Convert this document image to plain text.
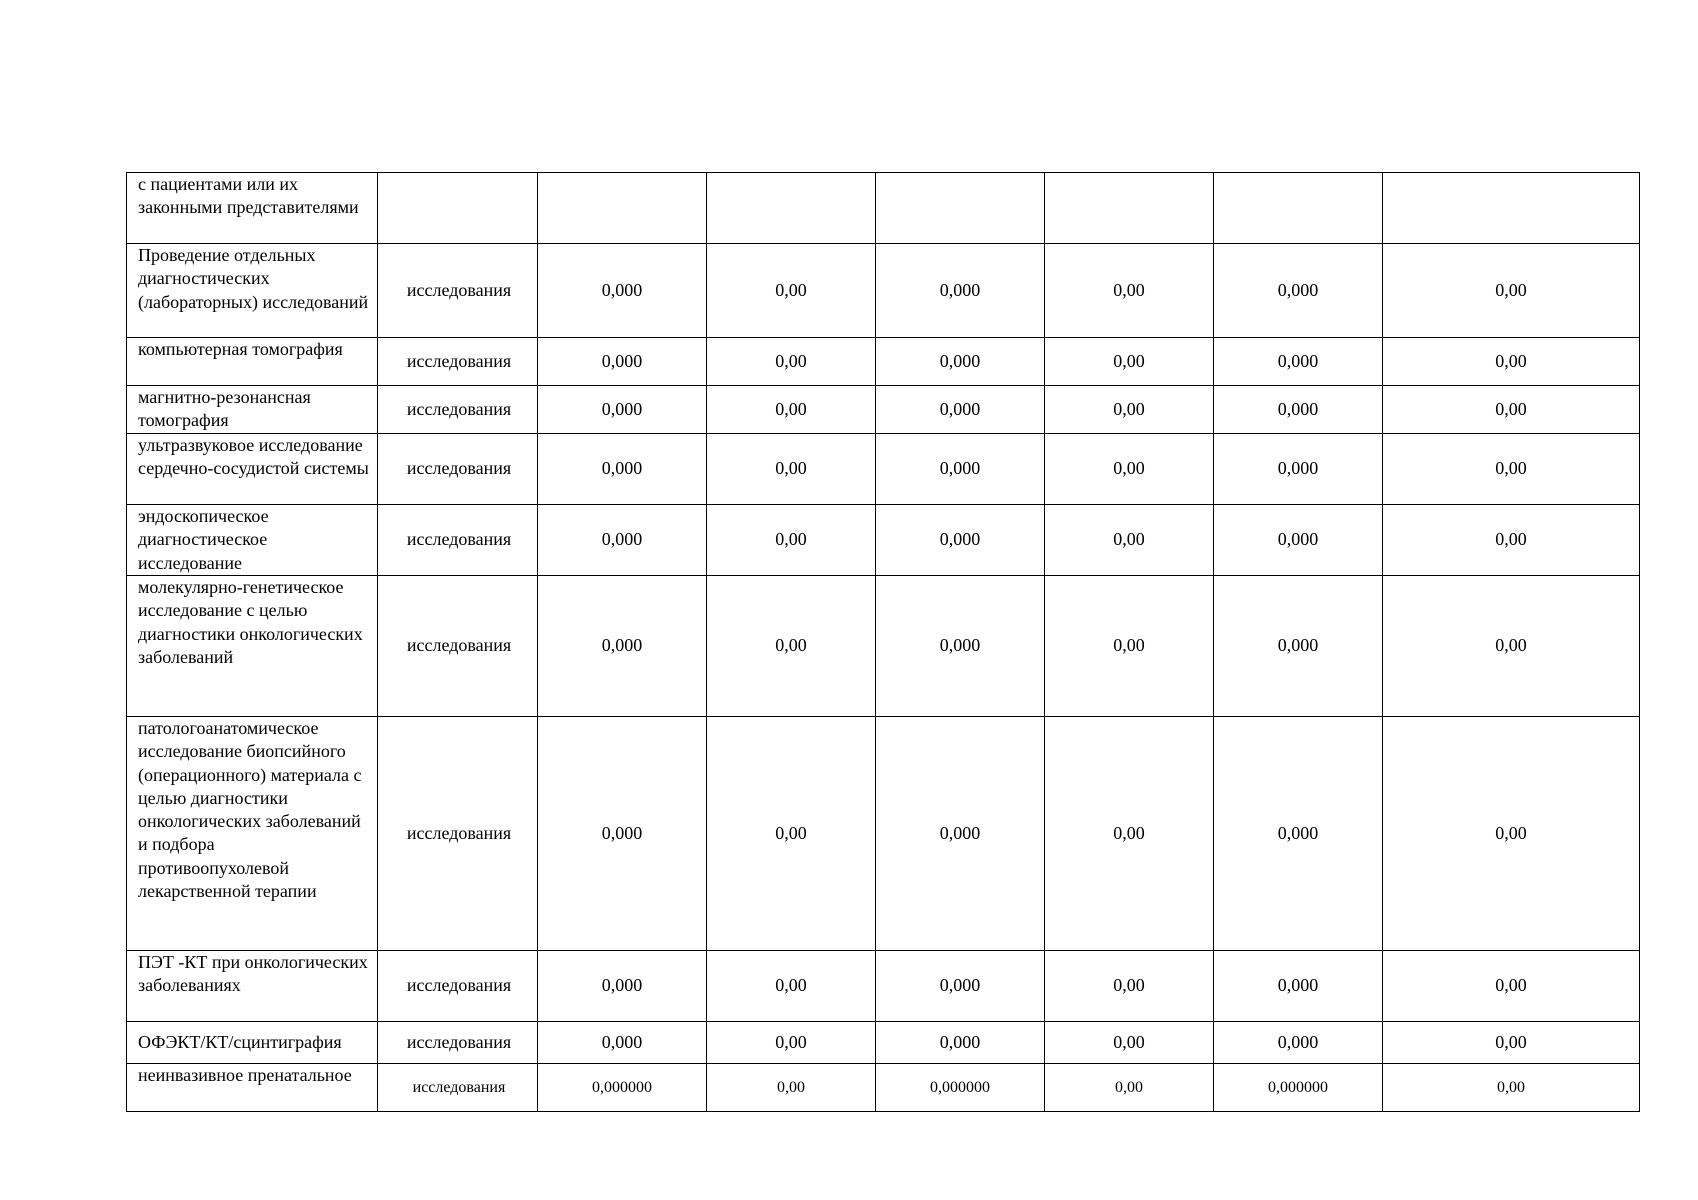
с пациентами или их законными представителями							
Проведение отдельных диагностических (лабораторных) исследований	исследования	0,000	0,00	0,000	0,00	0,000	0,00
компьютерная томография	исследования	0,000	0,00	0,000	0,00	0,000	0,00
магнитно-резонансная томография	исследования	0,000	0,00	0,000	0,00	0,000	0,00
ультразвуковое исследование сердечно-сосудистой системы	исследования	0,000	0,00	0,000	0,00	0,000	0,00
эндоскопическое диагностическое исследование	исследования	0,000	0,00	0,000	0,00	0,000	0,00
молекулярно-генетическое исследование с целью диагностики онкологических заболеваний	исследования	0,000	0,00	0,000	0,00	0,000	0,00
патологоанатомическое исследование биопсийного (операционного) материала с целью диагностики онкологических заболеваний и подбора противоопухолевой лекарственной терапии	исследования	0,000	0,00	0,000	0,00	0,000	0,00
ПЭТ -КТ при онкологических заболеваниях	исследования	0,000	0,00	0,000	0,00	0,000	0,00
ОФЭКТ/КТ/сцинтиграфия	исследования	0,000	0,00	0,000	0,00	0,000	0,00
неинвазивное пренатальное	исследования	0,000000	0,00	0,000000	0,00	0,000000	0,00
